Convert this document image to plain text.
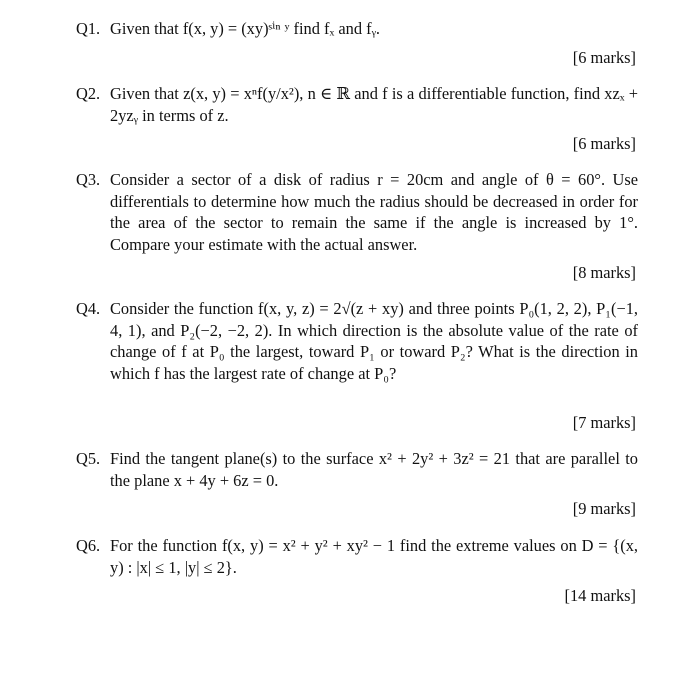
Q1. Given that f(x, y) = (xy)ˢⁱⁿ ʸ find fₓ and fᵧ.
[6 marks]
Q2. Given that z(x, y) = xⁿf(y/x²), n ∈ ℝ and f is a differentiable function, find xzₓ + 2yzᵧ in terms of z.
[6 marks]
Q3. Consider a sector of a disk of radius r = 20cm and angle of θ = 60°. Use differentials to determine how much the radius should be decreased in order for the area of the sector to remain the same if the angle is increased by 1°. Compare your estimate with the actual answer.
[8 marks]
Q4. Consider the function f(x, y, z) = 2√(z + xy) and three points P₀(1, 2, 2), P₁(−1, 4, 1), and P₂(−2, −2, 2). In which direction is the absolute value of the rate of change of f at P₀ the largest, toward P₁ or toward P₂? What is the direction in which f has the largest rate of change at P₀?
[7 marks]
Q5. Find the tangent plane(s) to the surface x² + 2y² + 3z² = 21 that are parallel to the plane x + 4y + 6z = 0.
[9 marks]
Q6. For the function f(x, y) = x² + y² + xy² − 1 find the extreme values on D = {(x, y) : |x| ≤ 1, |y| ≤ 2}.
[14 marks]
